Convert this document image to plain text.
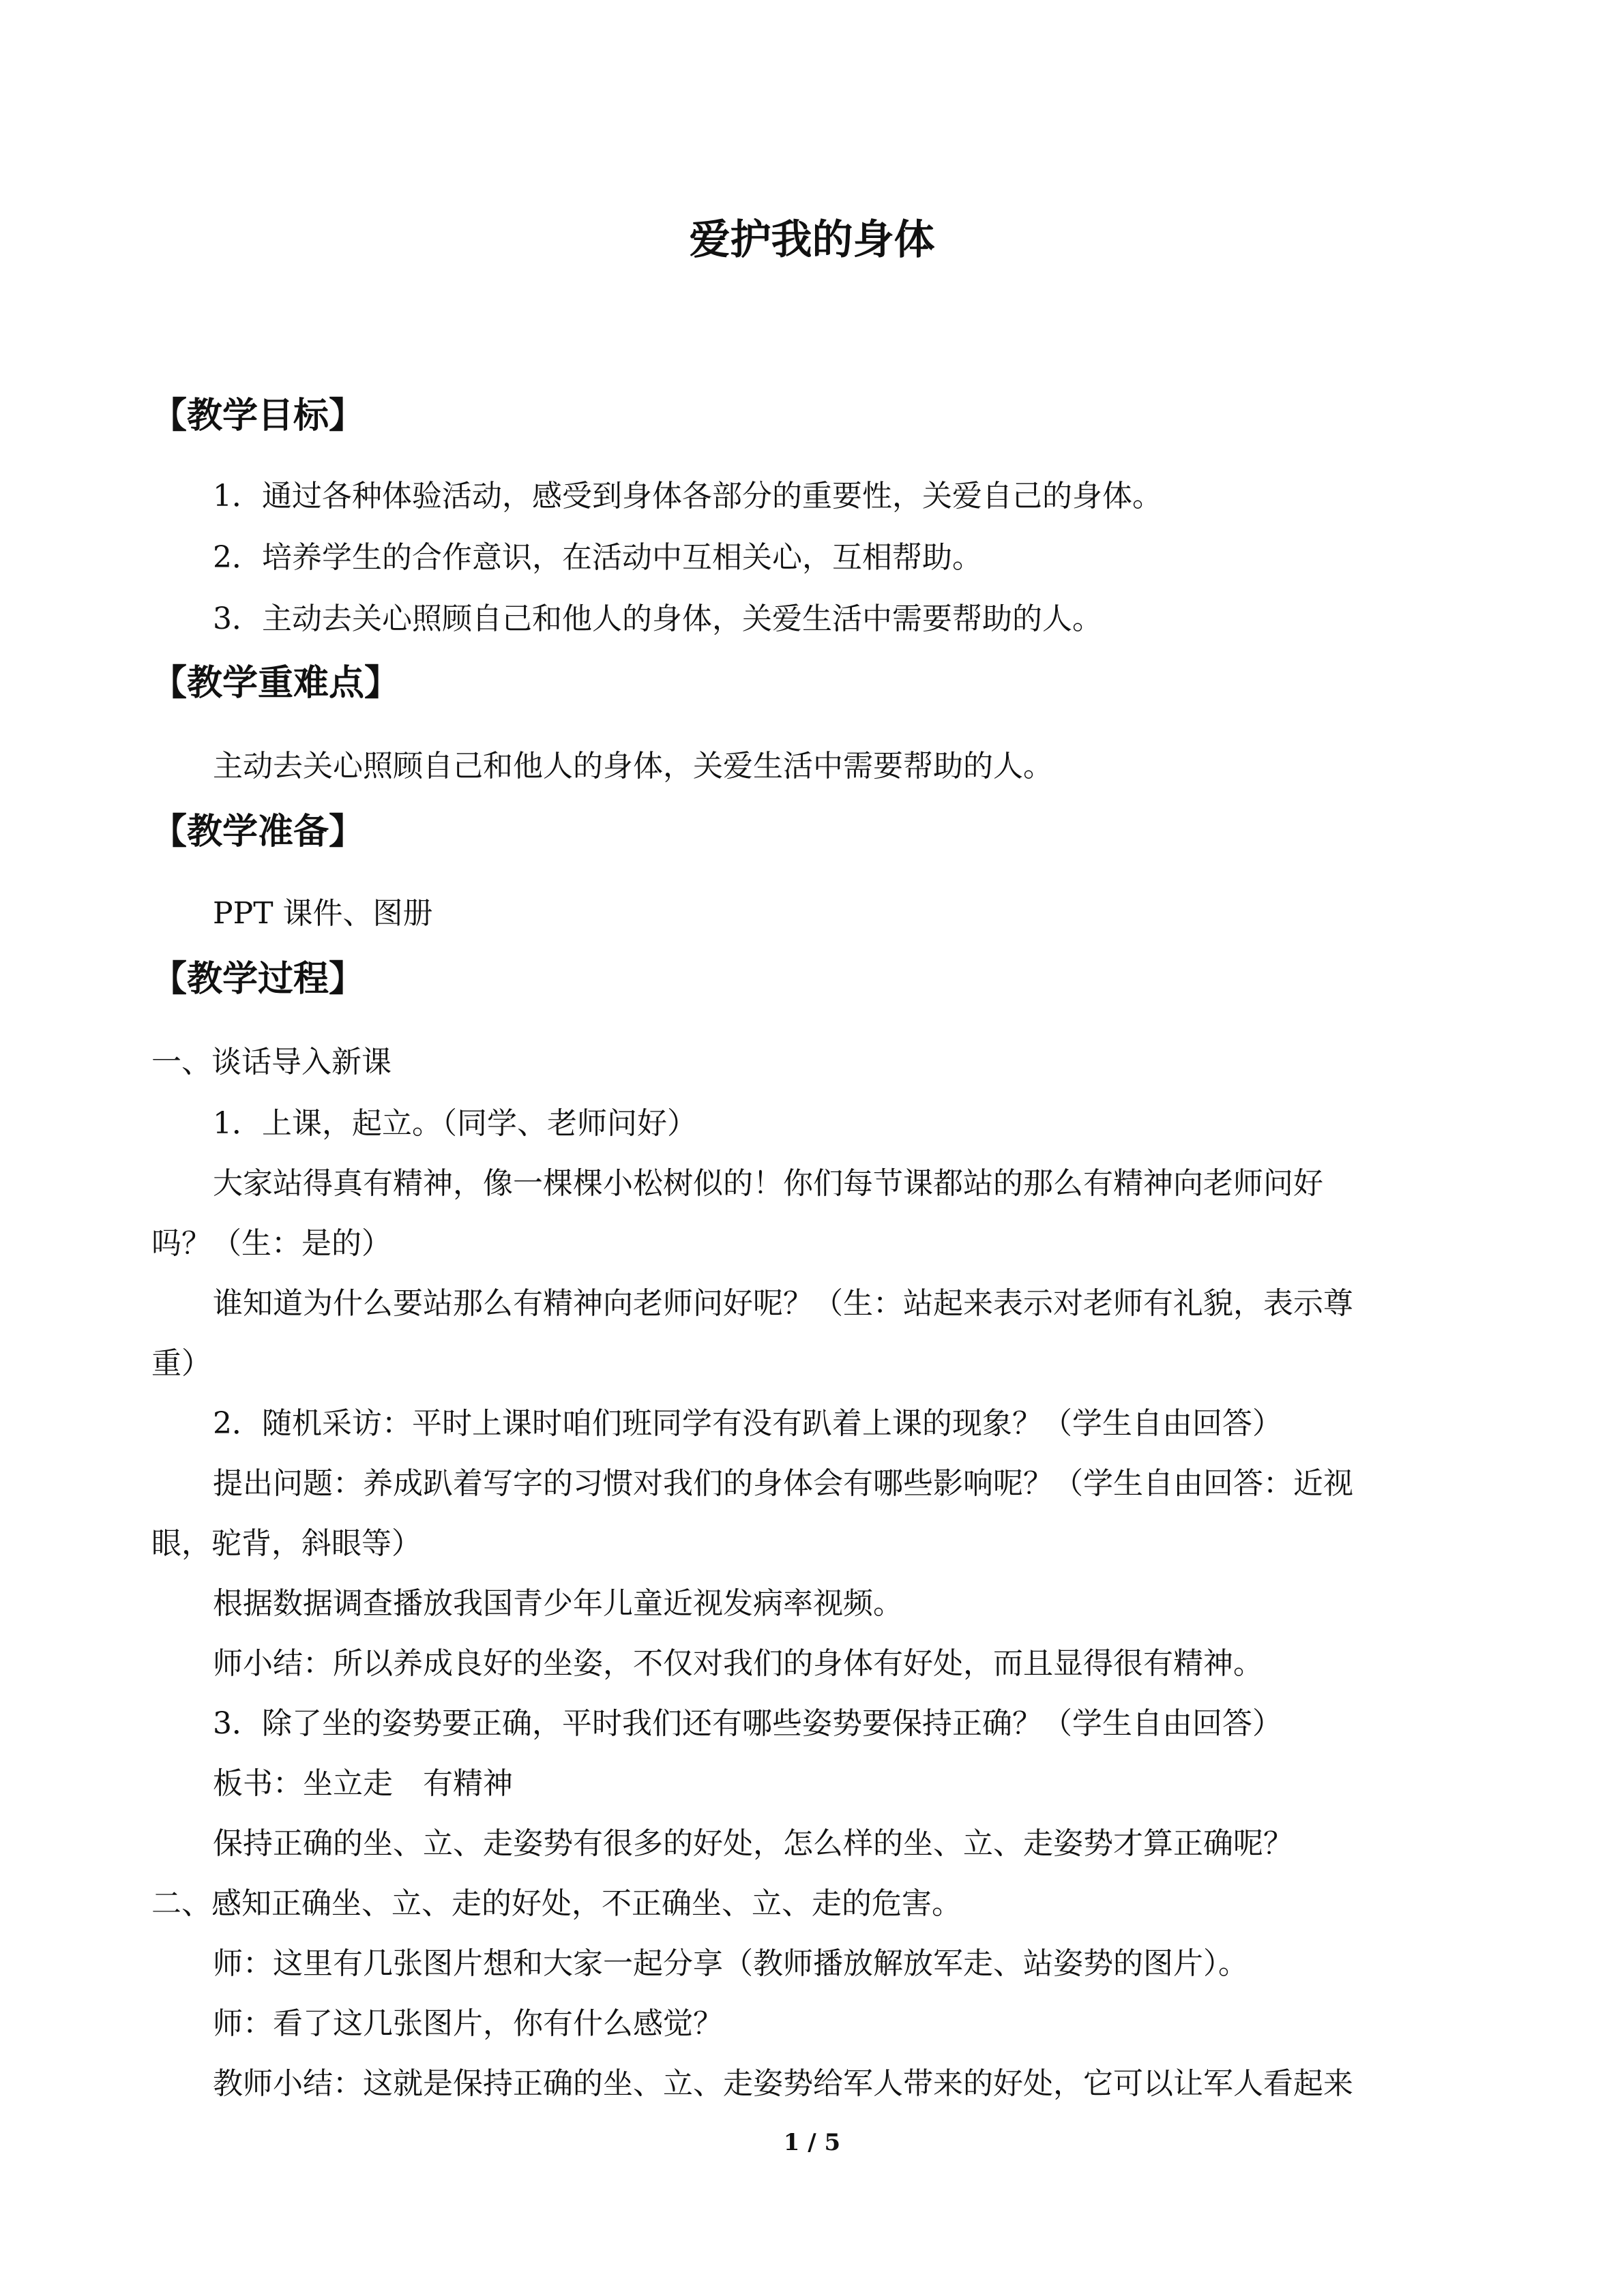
爱护我的身体
【教学目标】

1．通过各种体验活动，感受到身体各部分的重要性，关爱自己的身体。

2．培养学生的合作意识，在活动中互相关心，互相帮助。

3．主动去关心照顾自己和他人的身体，关爱生活中需要帮助的人。

【教学重难点】

主动去关心照顾自己和他人的身体，关爱生活中需要帮助的人。

【教学准备】

PPT 课件、图册

【教学过程】

一、谈话导入新课

1．上课，起立。（同学、老师问好）

大家站得真有精神，像一棵棵小松树似的！你们每节课都站的那么有精神向老师问好

吗？（生：是的）

谁知道为什么要站那么有精神向老师问好呢？（生：站起来表示对老师有礼貌，表示尊

重）

2．随机采访：平时上课时咱们班同学有没有趴着上课的现象？（学生自由回答）

提出问题：养成趴着写字的习惯对我们的身体会有哪些影响呢？（学生自由回答：近视

眼，驼背，斜眼等）

根据数据调查播放我国青少年儿童近视发病率视频。

师小结：所以养成良好的坐姿，不仅对我们的身体有好处，而且显得很有精神。

3．除了坐的姿势要正确，平时我们还有哪些姿势要保持正确？（学生自由回答）

板书：坐立走　有精神

保持正确的坐、立、走姿势有很多的好处，怎么样的坐、立、走姿势才算正确呢？

二、感知正确坐、立、走的好处，不正确坐、立、走的危害。

师：这里有几张图片想和大家一起分享（教师播放解放军走、站姿势的图片）。

师：看了这几张图片，你有什么感觉？

教师小结：这就是保持正确的坐、立、走姿势给军人带来的好处，它可以让军人看起来

1 / 5
